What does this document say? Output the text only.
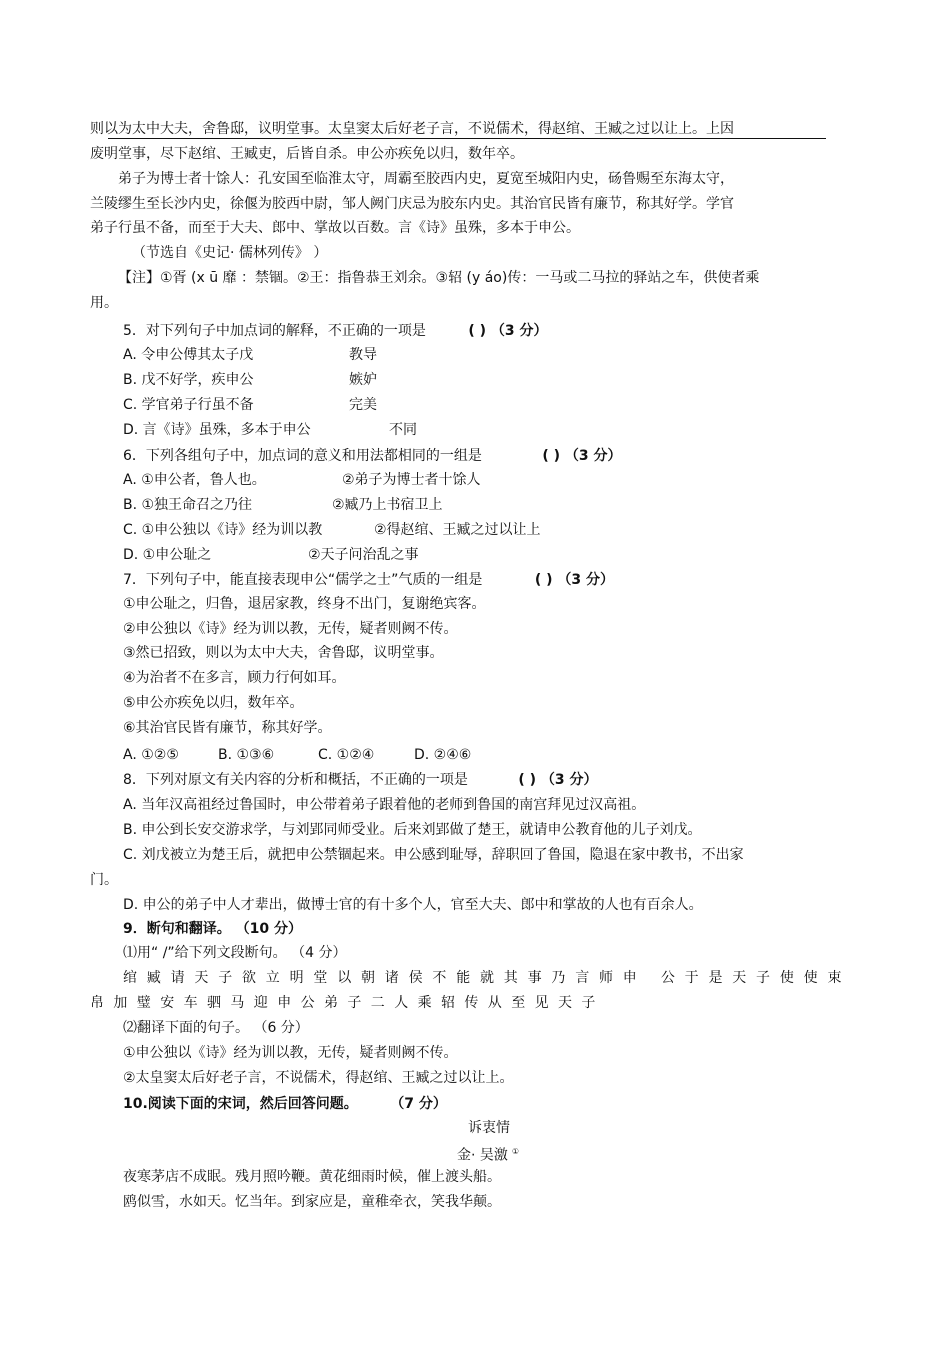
则以为太中大夫，舍鲁邸，议明堂事。太皇窦太后好老子言，不说儒术，得赵绾、王臧之过以让上。上因
废明堂事，尽下赵绾、王臧吏，后皆自杀。申公亦疾免以归，数年卒。
弟子为博士者十馀人：孔安国至临淮太守，周霸至胶西内史，夏宽至城阳内史，砀鲁赐至东海太守，
兰陵缪生至长沙内史，徐偃为胶西中尉，邹人阙门庆忌为胶东内史。其治官民皆有廉节，称其好学。学官
弟子行虽不备，而至于大夫、郎中、掌故以百数。言《诗》虽殊，多本于申公。
（节选自《史记· 儒林列传》 ）
【注】①胥 (x ū 靡 ：禁锢。②王：指鲁恭王刘余。③轺 (y áo)传：一马或二马拉的驿站之车，供使者乘
用。
5．对下列句子中加点词的解释，不正确的一项是	( ) （3 分）
A. 令申公傅其太子戊	教导
B. 戊不好学，疾申公	嫉妒
C. 学官弟子行虽不备	完美
D. 言《诗》虽殊，多本于申公	不同
6．下列各组句子中，加点词的意义和用法都相同的一组是	( ) （3 分）
A. ①申公者，鲁人也。	②弟子为博士者十馀人
B. ①独王命召之乃往	②臧乃上书宿卫上
C. ①申公独以《诗》经为训以教	②得赵绾、王臧之过以让上
D. ①申公耻之	②天子问治乱之事
7．下列句子中，能直接表现申公“儒学之士”气质的一组是	( ) （3 分）
①申公耻之，归鲁，退居家教，终身不出门，复谢绝宾客。
②申公独以《诗》经为训以教，无传，疑者则阙不传。
③然已招致，则以为太中大夫，舍鲁邸，议明堂事。
④为治者不在多言，顾力行何如耳。
⑤申公亦疾免以归，数年卒。
⑥其治官民皆有廉节，称其好学。
A. ①②⑤	B. ①③⑥	C. ①②④	D. ②④⑥
8．下列对原文有关内容的分析和概括，不正确的一项是	( ) （3 分）
A. 当年汉高祖经过鲁国时，申公带着弟子跟着他的老师到鲁国的南宫拜见过汉高祖。
B. 申公到长安交游求学，与刘郢同师受业。后来刘郢做了楚王，就请申公教育他的儿子刘戊。
C. 刘戊被立为楚王后，就把申公禁锢起来。申公感到耻辱，辞职回了鲁国，隐退在家中教书，不出家
门。
D. 申公的弟子中人才辈出，做博士官的有十多个人，官至大夫、郎中和掌故的人也有百余人。
9．断句和翻译。 （10 分）
⑴用“ /”给下列文段断句。 （4 分）
绾臧请天子欲立明堂以朝诸侯不能就其事乃言师申 公于是天子使使束
帛加璧安车驷马迎申公弟子二人乘轺传从至见天子
⑵翻译下面的句子。 （6 分）
①申公独以《诗》经为训以教，无传，疑者则阙不传。
②太皇窦太后好老子言，不说儒术，得赵绾、王臧之过以让上。
10.阅读下面的宋词，然后回答问题。 （7 分）
诉衷情
金· 吴激 ①
夜寒茅店不成眠。残月照吟鞭。黄花细雨时候，催上渡头船。
鸥似雪，水如天。忆当年。到家应是，童稚牵衣，笑我华颠。
